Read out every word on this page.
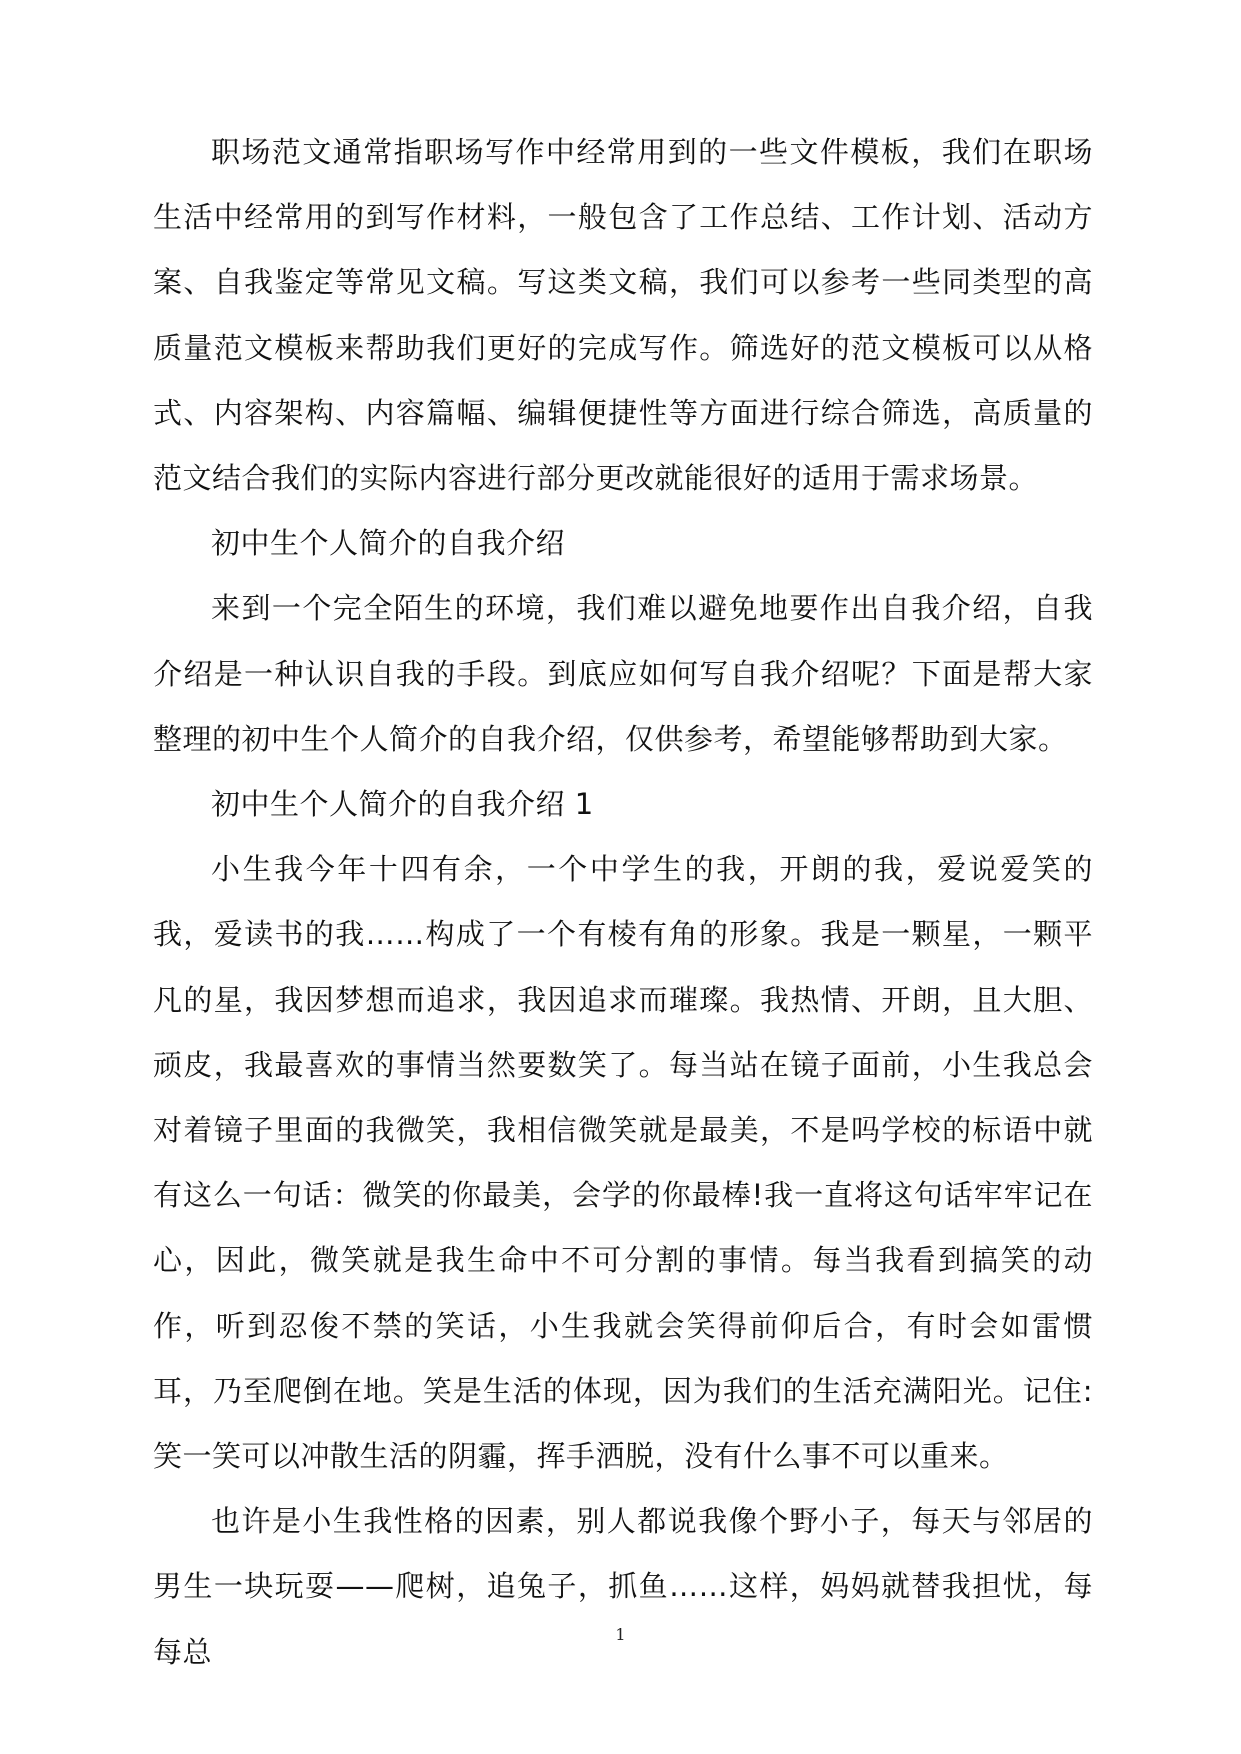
职场范文通常指职场写作中经常用到的一些文件模板，我们在职场生活中经常用的到写作材料，一般包含了工作总结、工作计划、活动方案、自我鉴定等常见文稿。写这类文稿，我们可以参考一些同类型的高质量范文模板来帮助我们更好的完成写作。筛选好的范文模板可以从格式、内容架构、内容篇幅、编辑便捷性等方面进行综合筛选，高质量的范文结合我们的实际内容进行部分更改就能很好的适用于需求场景。

初中生个人简介的自我介绍

来到一个完全陌生的环境，我们难以避免地要作出自我介绍，自我介绍是一种认识自我的手段。到底应如何写自我介绍呢？下面是帮大家整理的初中生个人简介的自我介绍，仅供参考，希望能够帮助到大家。

初中生个人简介的自我介绍 1

小生我今年十四有余，一个中学生的我，开朗的我，爱说爱笑的我，爱读书的我……构成了一个有棱有角的形象。我是一颗星，一颗平凡的星，我因梦想而追求，我因追求而璀璨。我热情、开朗，且大胆、顽皮，我最喜欢的事情当然要数笑了。每当站在镜子面前，小生我总会对着镜子里面的我微笑，我相信微笑就是最美，不是吗学校的标语中就有这么一句话：微笑的你最美，会学的你最棒!我一直将这句话牢牢记在心，因此，微笑就是我生命中不可分割的事情。每当我看到搞笑的动作，听到忍俊不禁的笑话，小生我就会笑得前仰后合，有时会如雷惯耳，乃至爬倒在地。笑是生活的体现，因为我们的生活充满阳光。记住:笑一笑可以冲散生活的阴霾，挥手洒脱，没有什么事不可以重来。

也许是小生我性格的因素，别人都说我像个野小子，每天与邻居的男生一块玩耍——爬树，追兔子，抓鱼……这样，妈妈就替我担忧，每每总

1
